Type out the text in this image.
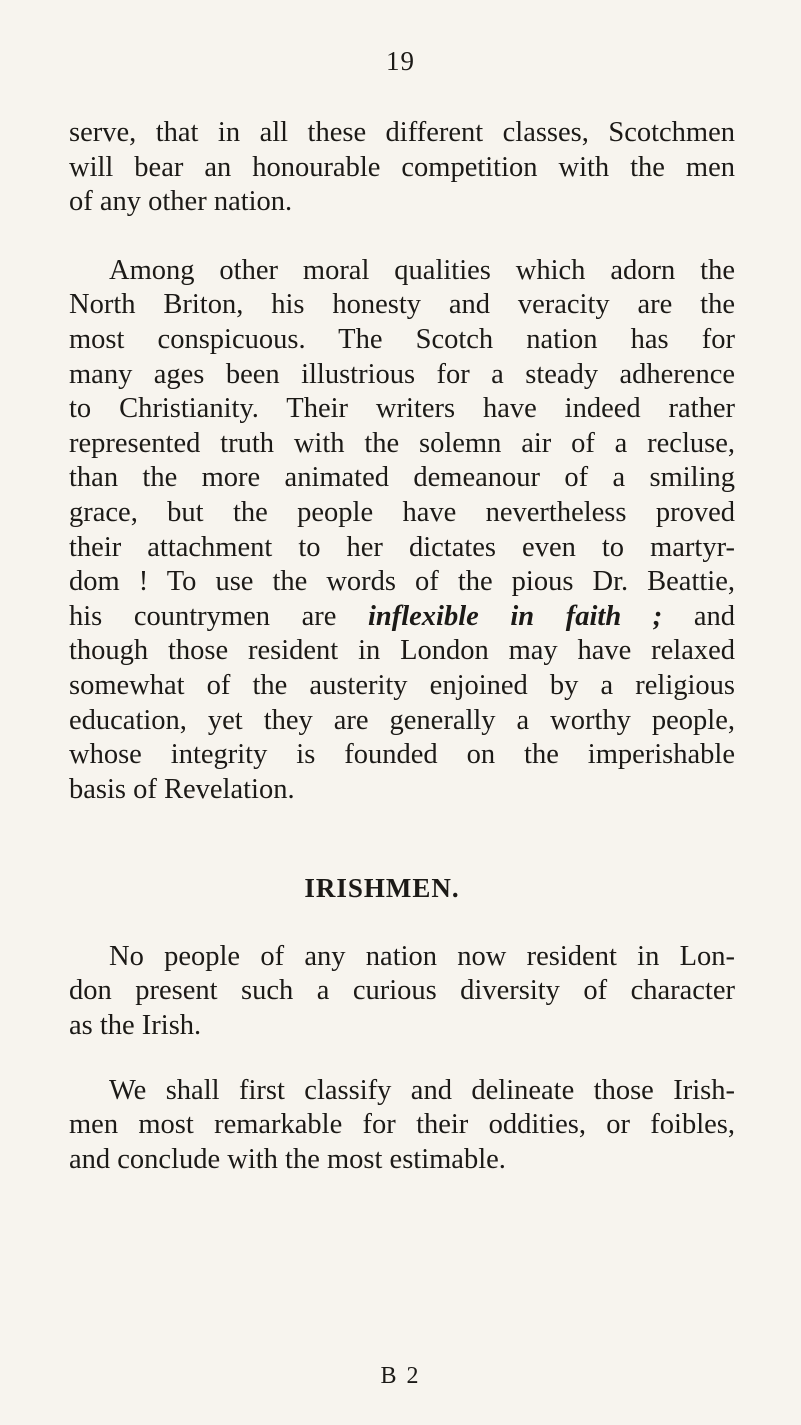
19
serve, that in all these different classes, Scotchmen
will bear an honourable competition with the men
of any other nation.
Among other moral qualities which adorn the
North Briton, his honesty and veracity are the
most conspicuous. The Scotch nation has for
many ages been illustrious for a steady adherence
to Christianity. Their writers have indeed rather
represented truth with the solemn air of a recluse,
than the more animated demeanour of a smiling
grace, but the people have nevertheless proved
their attachment to her dictates even to martyr-
dom ! To use the words of the pious Dr. Beattie,
his countrymen are inflexible in faith ; and
though those resident in London may have relaxed
somewhat of the austerity enjoined by a religious
education, yet they are generally a worthy people,
whose integrity is founded on the imperishable
basis of Revelation.
IRISHMEN.
No people of any nation now resident in Lon-
don present such a curious diversity of character
as the Irish.
We shall first classify and delineate those Irish-
men most remarkable for their oddities, or foibles,
and conclude with the most estimable.
B 2
